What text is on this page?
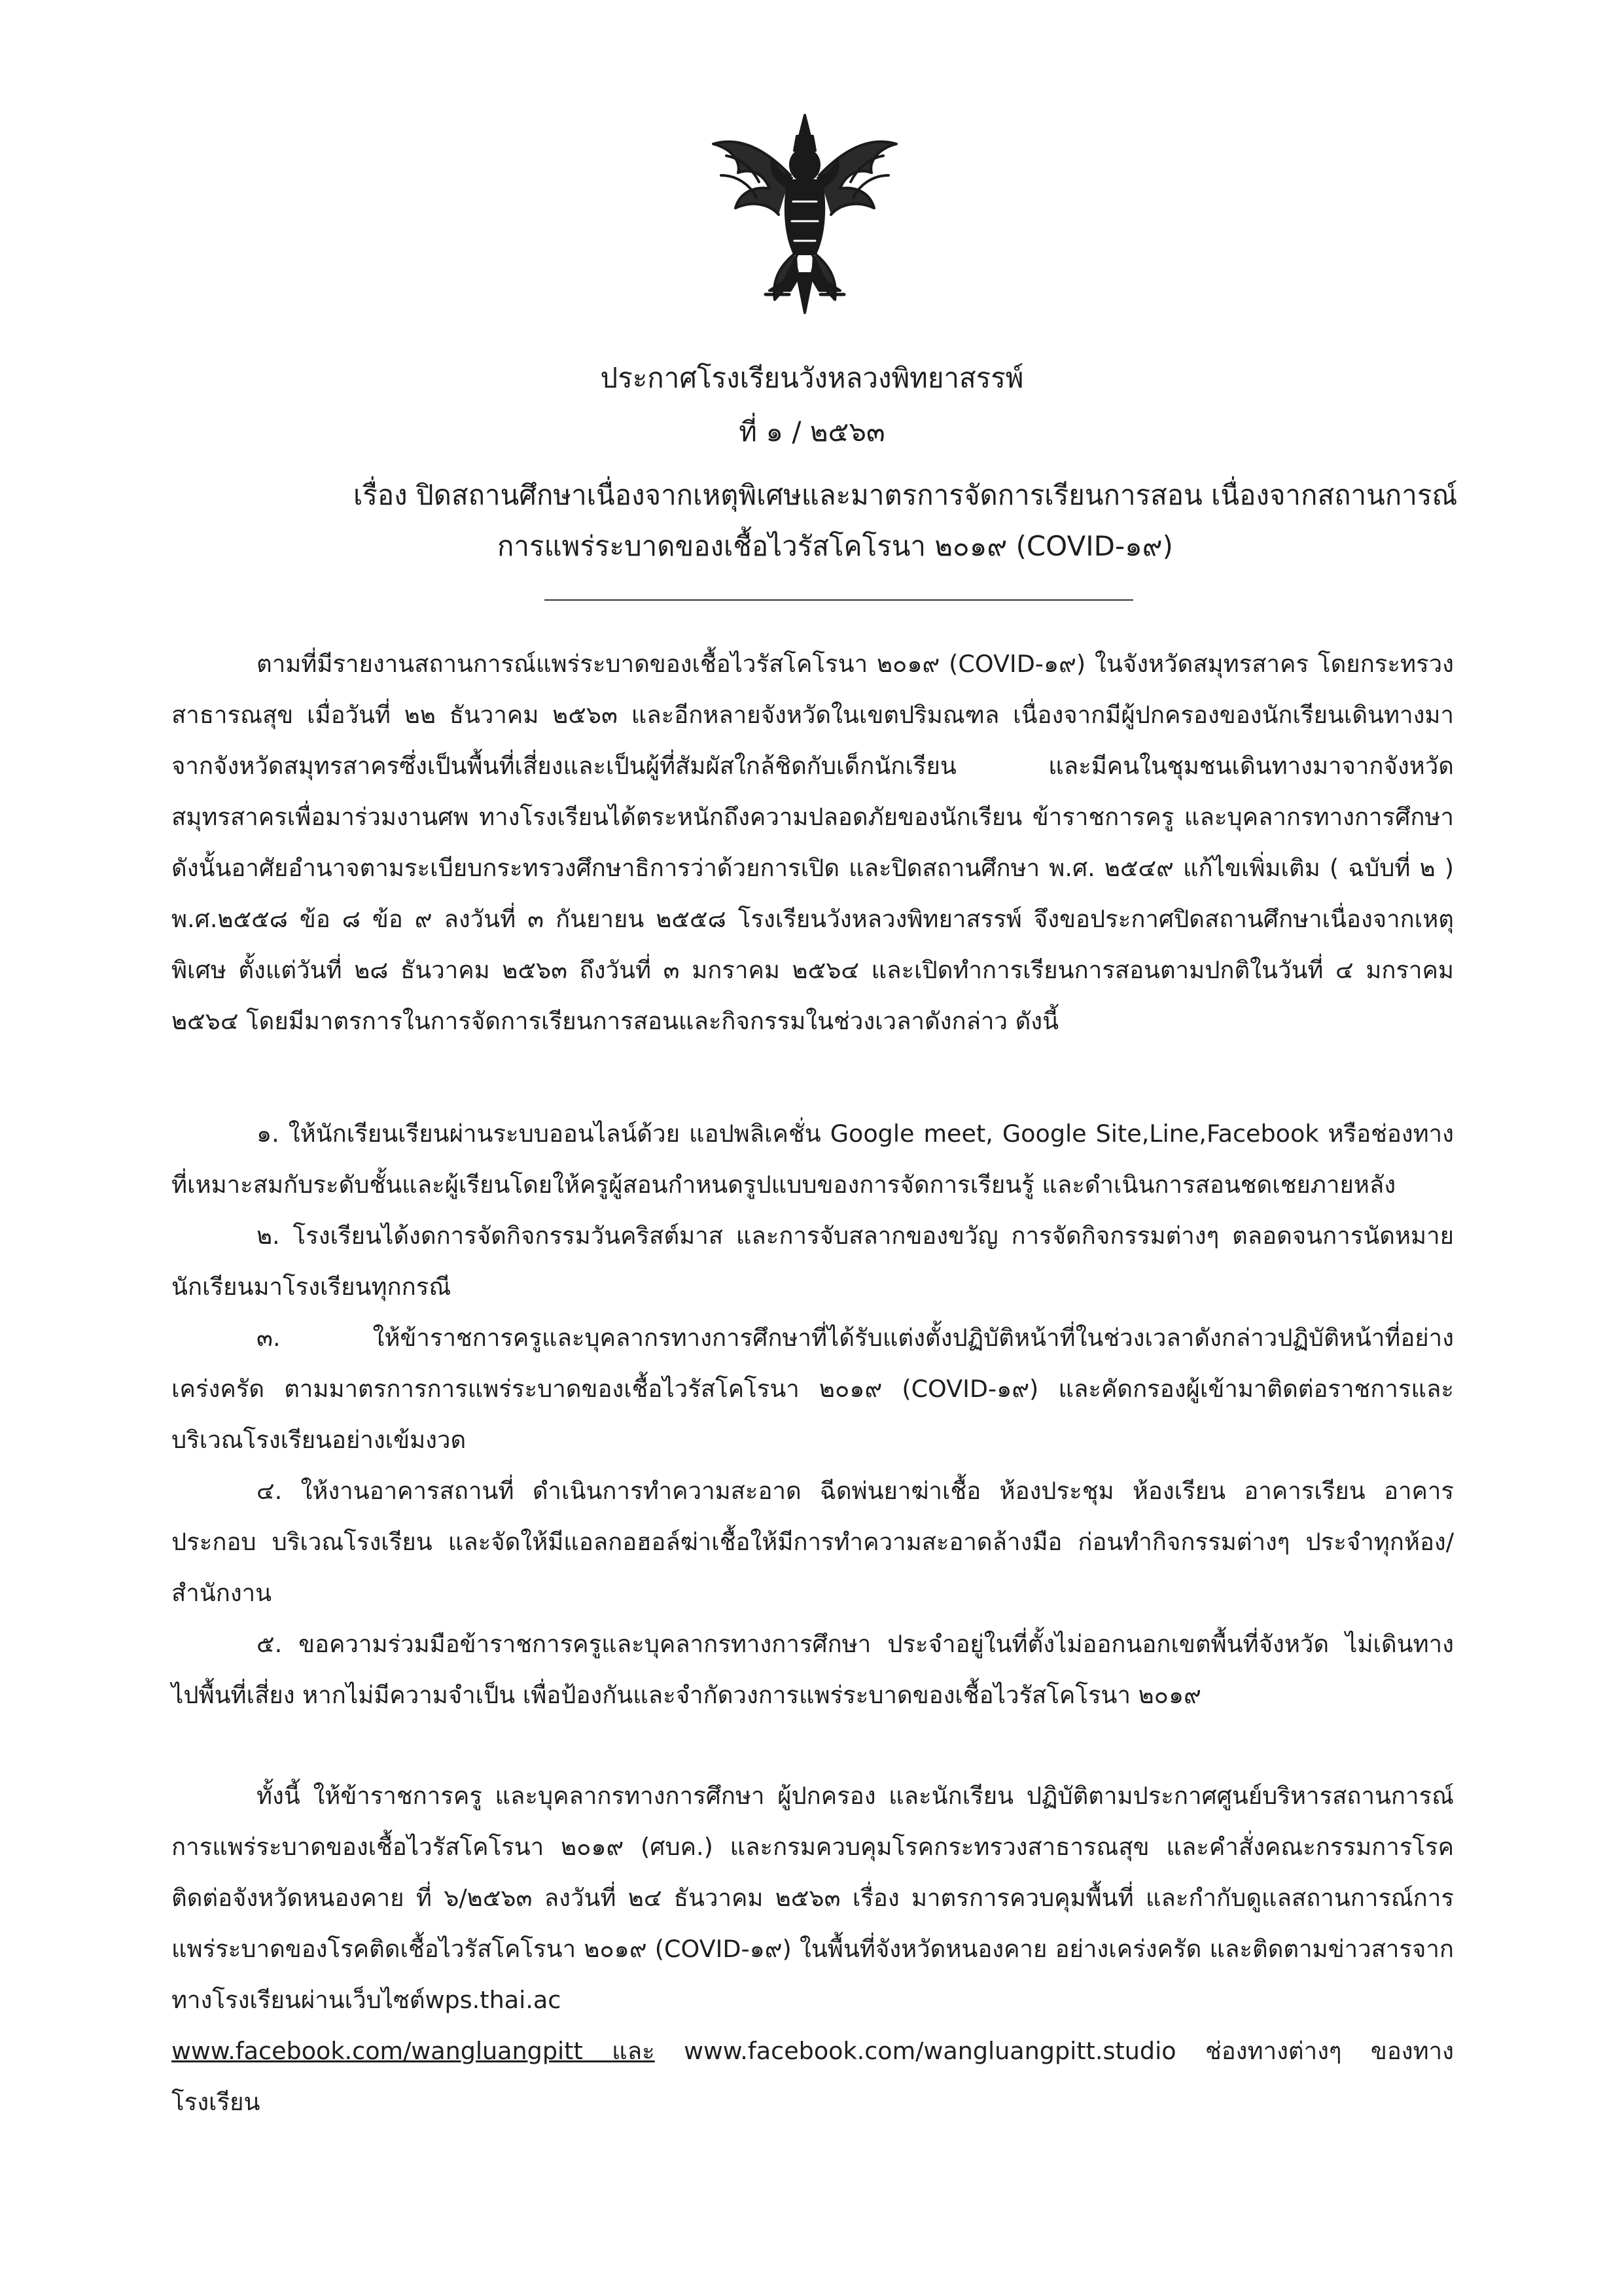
ประกาศโรงเรียนวังหลวงพิทยาสรรพ์
ที่ ๑ / ๒๕๖๓
เรื่อง ปิดสถานศึกษาเนื่องจากเหตุพิเศษและมาตรการจัดการเรียนการสอน เนื่องจากสถานการณ์
การแพร่ระบาดของเชื้อไวรัสโคโรนา ๒๐๑๙ (COVID-๑๙)

ตามที่มีรายงานสถานการณ์แพร่ระบาดของเชื้อไวรัสโคโรนา ๒๐๑๙ (COVID-๑๙) ในจังหวัดสมุทรสาคร โดยกระทรวงสาธารณสุข เมื่อวันที่ ๒๒ ธันวาคม ๒๕๖๓ และอีกหลายจังหวัดในเขตปริมณฑล เนื่องจากมีผู้ปกครองของนักเรียนเดินทางมาจากจังหวัดสมุทรสาครซึ่งเป็นพื้นที่เสี่ยงและเป็นผู้ที่สัมผัสใกล้ชิดกับเด็กนักเรียน และมีคนในชุมชนเดินทางมาจากจังหวัดสมุทรสาครเพื่อมาร่วมงานศพ ทางโรงเรียนได้ตระหนักถึงความปลอดภัยของนักเรียน ข้าราชการครู และบุคลากรทางการศึกษา ดังนั้นอาศัยอำนาจตามระเบียบกระทรวงศึกษาธิการว่าด้วยการเปิด และปิดสถานศึกษา พ.ศ. ๒๕๔๙ แก้ไขเพิ่มเติม ( ฉบับที่ ๒ ) พ.ศ.๒๕๕๘ ข้อ ๘ ข้อ ๙ ลงวันที่ ๓ กันยายน ๒๕๕๘ โรงเรียนวังหลวงพิทยาสรรพ์ จึงขอประกาศปิดสถานศึกษาเนื่องจากเหตุพิเศษ ตั้งแต่วันที่ ๒๘ ธันวาคม ๒๕๖๓ ถึงวันที่ ๓ มกราคม ๒๕๖๔ และเปิดทำการเรียนการสอนตามปกติในวันที่ ๔ มกราคม ๒๕๖๔ โดยมีมาตรการในการจัดการเรียนการสอนและกิจกรรมในช่วงเวลาดังกล่าว ดังนี้

๑. ให้นักเรียนเรียนผ่านระบบออนไลน์ด้วย แอปพลิเคชั่น Google meet, Google Site,Line,Facebook หรือช่องทางที่เหมาะสมกับระดับชั้นและผู้เรียนโดยให้ครูผู้สอนกำหนดรูปแบบของการจัดการเรียนรู้ และดำเนินการสอนชดเชยภายหลัง

๒. โรงเรียนได้งดการจัดกิจกรรมวันคริสต์มาส และการจับสลากของขวัญ การจัดกิจกรรมต่างๆ ตลอดจนการนัดหมายนักเรียนมาโรงเรียนทุกกรณี

๓. ให้ข้าราชการครูและบุคลากรทางการศึกษาที่ได้รับแต่งตั้งปฏิบัติหน้าที่ในช่วงเวลาดังกล่าวปฏิบัติหน้าที่อย่างเคร่งครัด ตามมาตรการการแพร่ระบาดของเชื้อไวรัสโคโรนา ๒๐๑๙ (COVID-๑๙) และคัดกรองผู้เข้ามาติดต่อราชการและบริเวณโรงเรียนอย่างเข้มงวด

๔. ให้งานอาคารสถานที่ ดำเนินการทำความสะอาด ฉีดพ่นยาฆ่าเชื้อ ห้องประชุม ห้องเรียน อาคารเรียน อาคารประกอบ บริเวณโรงเรียน และจัดให้มีแอลกอฮอล์ฆ่าเชื้อให้มีการทำความสะอาดล้างมือ ก่อนทำกิจกรรมต่างๆ ประจำทุกห้อง/สำนักงาน

๕. ขอความร่วมมือข้าราชการครูและบุคลากรทางการศึกษา ประจำอยู่ในที่ตั้งไม่ออกนอกเขตพื้นที่จังหวัด ไม่เดินทางไปพื้นที่เสี่ยง หากไม่มีความจำเป็น เพื่อป้องกันและจำกัดวงการแพร่ระบาดของเชื้อไวรัสโคโรนา ๒๐๑๙

ทั้งนี้ ให้ข้าราชการครู และบุคลากรทางการศึกษา ผู้ปกครอง และนักเรียน ปฏิบัติตามประกาศศูนย์บริหารสถานการณ์การแพร่ระบาดของเชื้อไวรัสโคโรนา ๒๐๑๙ (ศบค.) และกรมควบคุมโรคกระทรวงสาธารณสุข และคำสั่งคณะกรรมการโรคติดต่อจังหวัดหนองคาย ที่ ๖/๒๕๖๓ ลงวันที่ ๒๔ ธันวาคม ๒๕๖๓ เรื่อง มาตรการควบคุมพื้นที่ และกำกับดูแลสถานการณ์การแพร่ระบาดของโรคติดเชื้อไวรัสโคโรนา ๒๐๑๙ (COVID-๑๙) ในพื้นที่จังหวัดหนองคาย อย่างเคร่งครัด และติดตามข่าวสารจากทางโรงเรียนผ่านเว็บไซต์wps.thai.ac
www.facebook.com/wangluangpitt และ www.facebook.com/wangluangpitt.studio ช่องทางต่างๆ ของทางโรงเรียน
